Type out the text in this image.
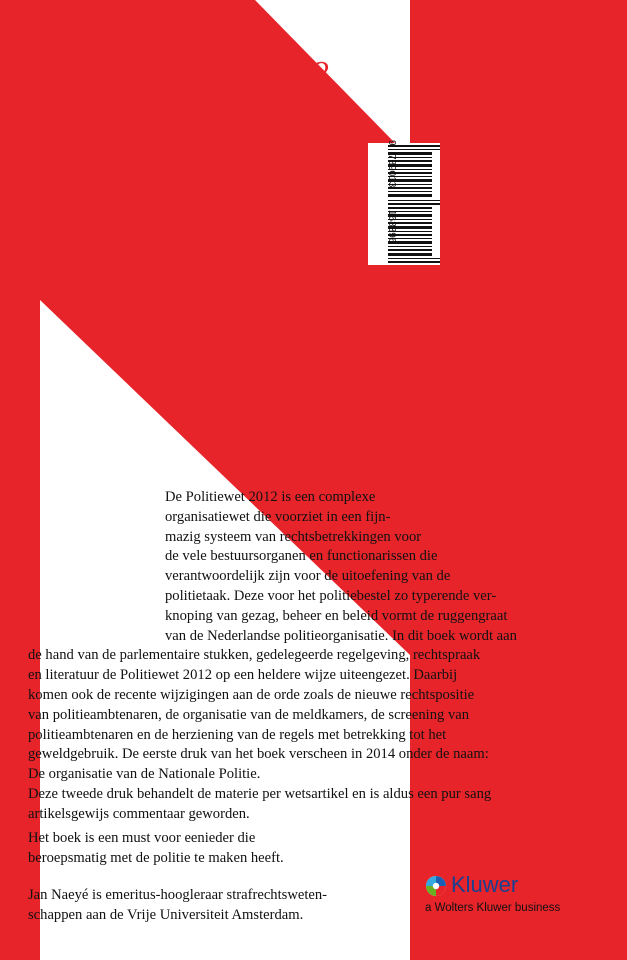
Politiewet 2012
9789013168396
De Politiewet 2012 is een complexe
organisatiewet die voorziet in een fijn-
mazig systeem van rechtsbetrekkingen voor
de vele bestuursorganen en functionarissen die
verantwoordelijk zijn voor de uitoefening van de
politietaak. Deze voor het politiebestel zo typerende ver-
knoping van gezag, beheer en beleid vormt de ruggengraat
van de Nederlandse politieorganisatie. In dit boek wordt aan
de hand van de parlementaire stukken, gedelegeerde regelgeving, rechtspraak
en literatuur de Politiewet 2012 op een heldere wijze uiteengezet. Daarbij
komen ook de recente wijzigingen aan de orde zoals de nieuwe rechtspositie
van politieambtenaren, de organisatie van de meldkamers, de screening van
politieambtenaren en de herziening van de regels met betrekking tot het
geweldgebruik. De eerste druk van het boek verscheen in 2014 onder de naam:
De organisatie van de Nationale Politie.
Deze tweede druk behandelt de materie per wetsartikel en is aldus een pur sang
artikelsgewijs commentaar geworden.
Het boek is een must voor eenieder die
beroepsmatig met de politie te maken heeft.
Jan Naeyé is emeritus-hoogleraar strafrechtsweten-
schappen aan de Vrije Universiteit Amsterdam.
Kluwer
a Wolters Kluwer business
